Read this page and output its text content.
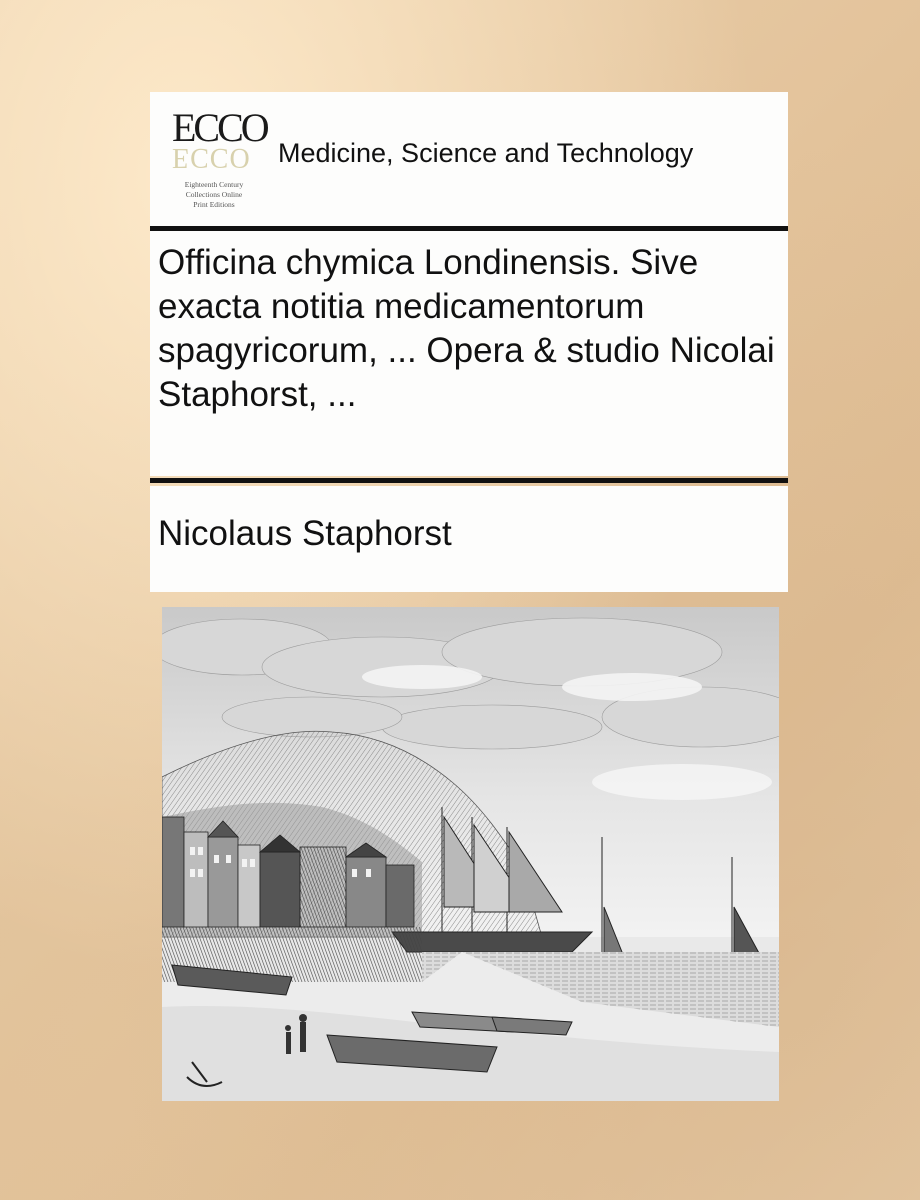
ECCO
ECCO
Eighteenth Century
Collections Online
Print Editions
Medicine, Science and Technology
Officina chymica Londinensis. Sive exacta notitia medicamentorum spagyricorum, ... Opera & studio Nicolai Staphorst, ...
Nicolaus Staphorst
